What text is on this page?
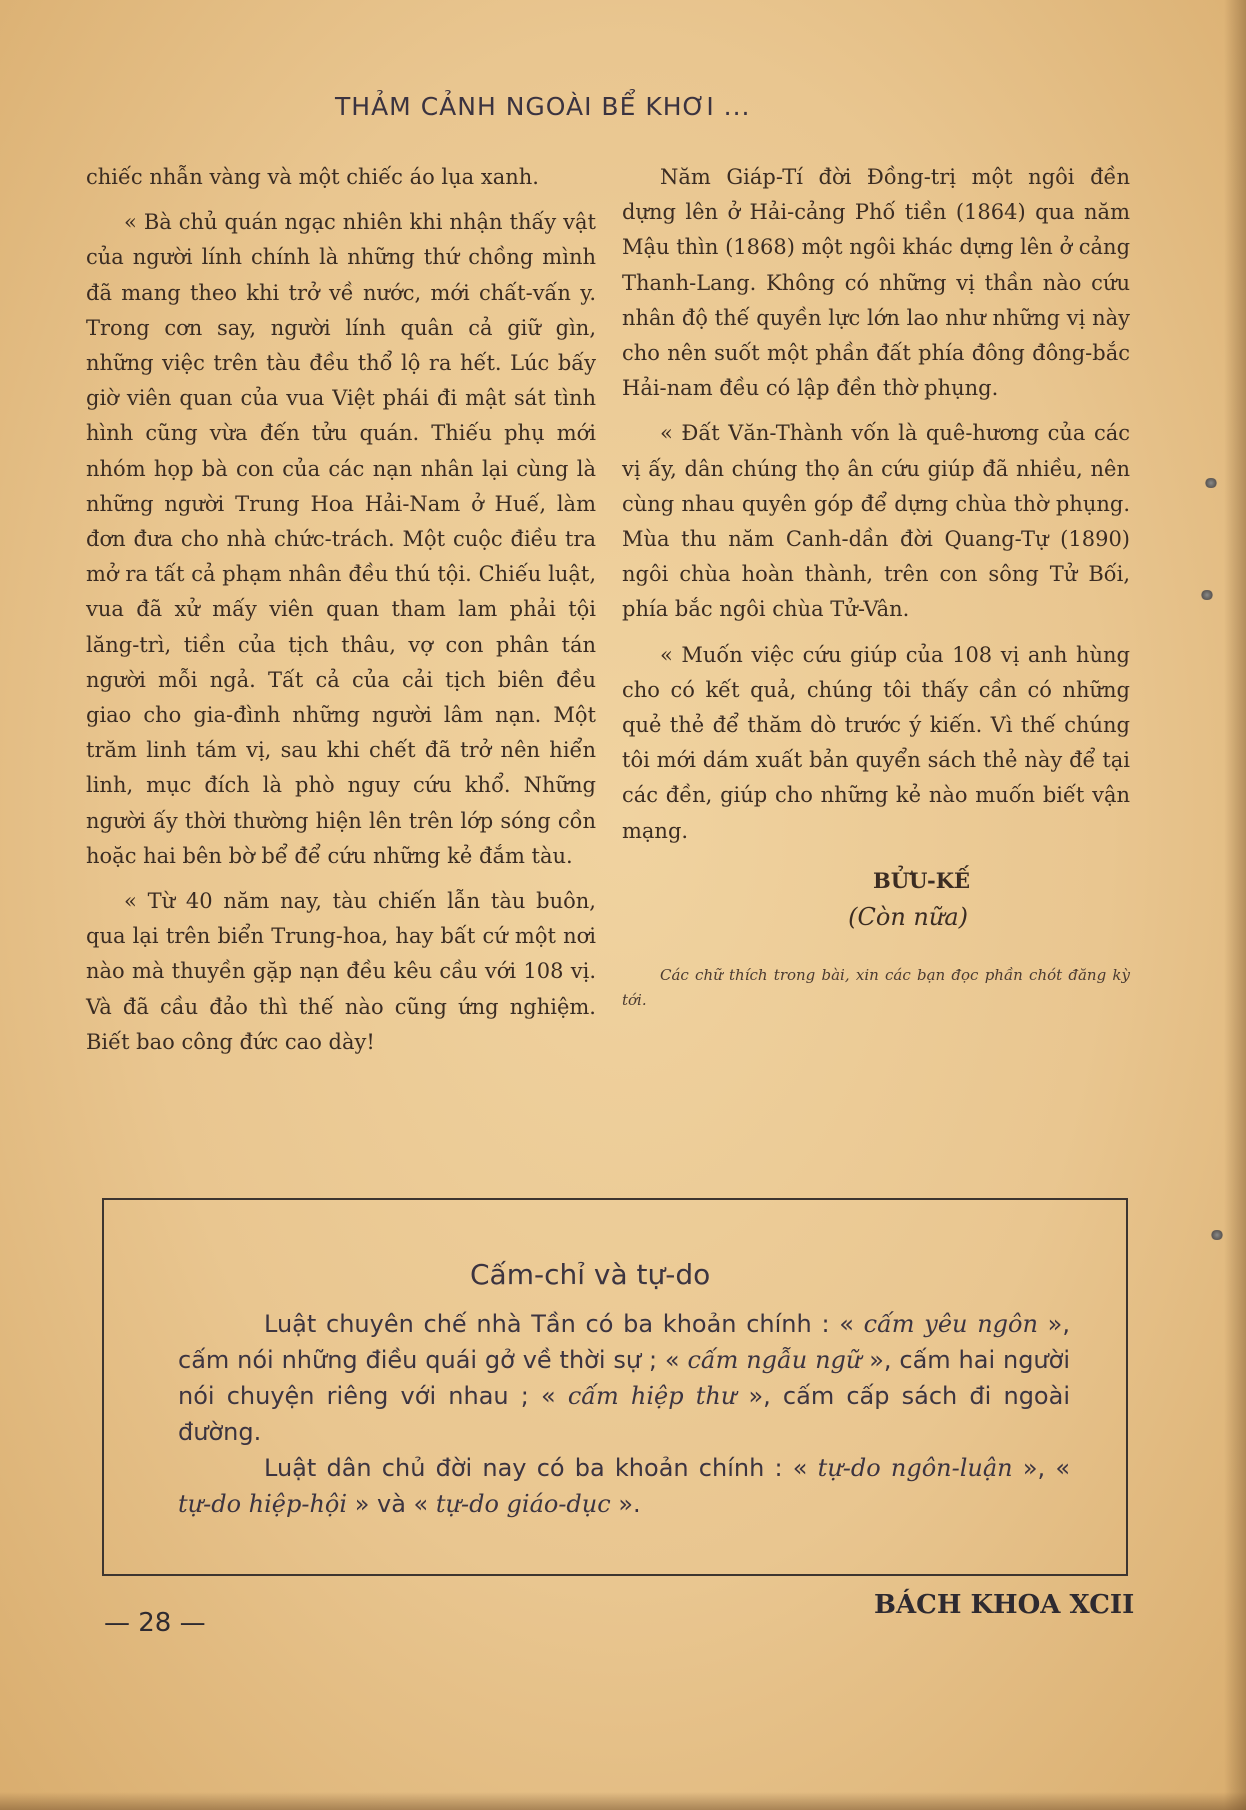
THẢM CẢNH NGOÀI BỂ KHƠI ...

chiếc nhẫn vàng và một chiếc áo lụa xanh.

« Bà chủ quán ngạc nhiên khi nhận thấy vật của người lính chính là những thứ chồng mình đã mang theo khi trở về nước, mới chất-vấn y. Trong cơn say, người lính quân cả giữ gìn, những việc trên tàu đều thổ lộ ra hết. Lúc bấy giờ viên quan của vua Việt phái đi mật sát tình hình cũng vừa đến tửu quán. Thiếu phụ mới nhóm họp bà con của các nạn nhân lại cùng là những người Trung Hoa Hải-Nam ở Huế, làm đơn đưa cho nhà chức-trách. Một cuộc điều tra mở ra tất cả phạm nhân đều thú tội. Chiếu luật, vua đã xử mấy viên quan tham lam phải tội lăng-trì, tiền của tịch thâu, vợ con phân tán người mỗi ngả. Tất cả của cải tịch biên đều giao cho gia-đình những người lâm nạn. Một trăm linh tám vị, sau khi chết đã trở nên hiển linh, mục đích là phò nguy cứu khổ. Những người ấy thời thường hiện lên trên lớp sóng cồn hoặc hai bên bờ bể để cứu những kẻ đắm tàu.

« Từ 40 năm nay, tàu chiến lẫn tàu buôn, qua lại trên biển Trung-hoa, hay bất cứ một nơi nào mà thuyền gặp nạn đều kêu cầu với 108 vị. Và đã cầu đảo thì thế nào cũng ứng nghiệm. Biết bao công đức cao dày!

Năm Giáp-Tí đời Đồng-trị một ngôi đền dựng lên ở Hải-cảng Phố tiền (1864) qua năm Mậu thìn (1868) một ngôi khác dựng lên ở cảng Thanh-Lang. Không có những vị thần nào cứu nhân độ thế quyền lực lớn lao như những vị này cho nên suốt một phần đất phía đông đông-bắc Hải-nam đều có lập đền thờ phụng.

« Đất Văn-Thành vốn là quê-hương của các vị ấy, dân chúng thọ ân cứu giúp đã nhiều, nên cùng nhau quyên góp để dựng chùa thờ phụng. Mùa thu năm Canh-dần đời Quang-Tự (1890) ngôi chùa hoàn thành, trên con sông Tử Bối, phía bắc ngôi chùa Tử-Vân.

« Muốn việc cứu giúp của 108 vị anh hùng cho có kết quả, chúng tôi thấy cần có những quẻ thẻ để thăm dò trước ý kiến. Vì thế chúng tôi mới dám xuất bản quyển sách thẻ này để tại các đền, giúp cho những kẻ nào muốn biết vận mạng.

BỬU-KẾ

(Còn nữa)

Các chữ thích trong bài, xin các bạn đọc phần chót đăng kỳ tới.

Cấm-chỉ và tự-do

Luật chuyên chế nhà Tần có ba khoản chính : « cấm yêu ngôn », cấm nói những điều quái gở về thời sự ; « cấm ngẫu ngữ », cấm hai người nói chuyện riêng với nhau ; « cấm hiệp thư », cấm cấp sách đi ngoài đường.

Luật dân chủ đời nay có ba khoản chính : « tự-do ngôn-luận », « tự-do hiệp-hội » và « tự-do giáo-dục ».

— 28 —
BÁCH KHOA XCII
